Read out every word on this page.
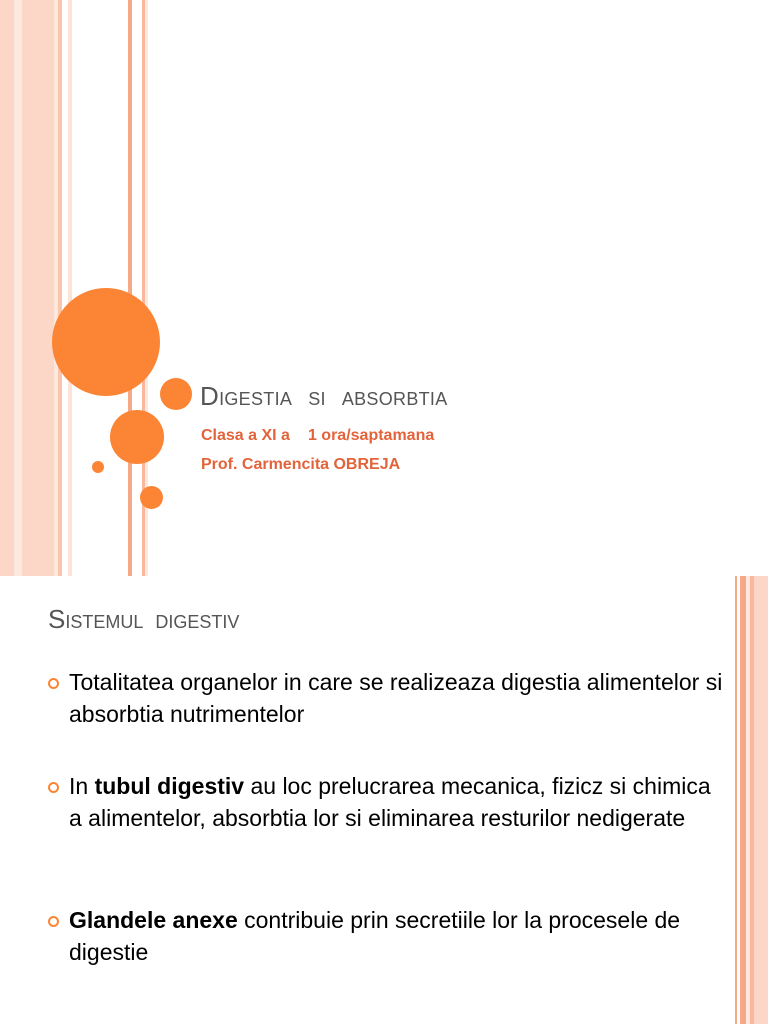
Digestia si absorbtia
Clasa a XI a 1 ora/saptamana
Prof. Carmencita OBREJA
Sistemul digestiv
Totalitatea organelor in care se realizeaza digestia alimentelor si absorbtia nutrimentelor
In tubul digestiv au loc prelucrarea mecanica, fizicz si chimica a alimentelor, absorbtia lor si eliminarea resturilor nedigerate
Glandele anexe contribuie prin secretiile lor la procesele de digestie
